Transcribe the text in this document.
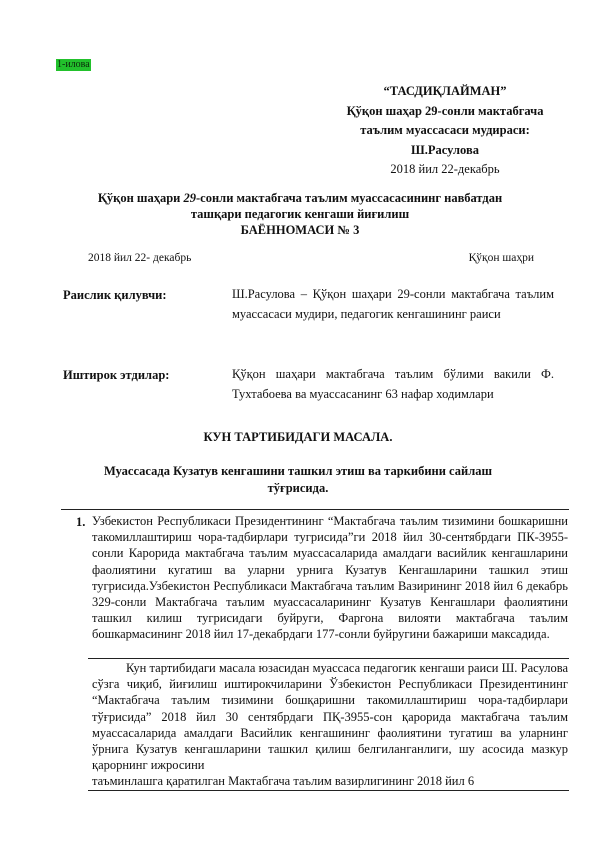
1-илова
“ТАСДИҚЛАЙМАН”
Қўқон шаҳар 29-сонли мактабгача
таълим муассасаси мудираси:
Ш.Расулова
2018 йил 22-декабрь
Қўқон шаҳари 29-сонли мактабгача таълим муассасасининг навбатдан
ташқари педагогик кенгаши йиғилиш
БАЁННОМАСИ № 3
2018 йил 22- декабрь	Қўқон шаҳри
Раислик қилувчи:	Ш.Расулова – Қўқон шаҳари 29-сонли мактабгача таълим муассасаси мудири, педагогик кенгашининг раиси
Иштирок этдилар:	Қўқон шаҳари мактабгача таълим бўлими вакили Ф. Тухтабоева ва муассасанинг 63 нафар ходимлари
КУН ТАРТИБИДАГИ МАСАЛА.
Муассасада Кузатув кенгашини ташкил этиш ва таркибини сайлаш тўғрисида.
1. Узбекистон Республикаси Президентининг “Мактабгача таълим тизимини бошкаришни такомиллаштириш чора-тадбирлари тугрисида”ги 2018 йил 30-сентябрдаги ПК-3955-сонли Карорида мактабгача таълим муассасаларида амалдаги васийлик кенгашларини фаолиятини кугатиш ва уларни урнига Кузатув Кенгашларини ташкил этиш тугрисида.Узбекистон Республикаси Мактабгача таълим Вазирининг 2018 йил 6 декабрь 329-сонли Мактабгача таълим муассасаларининг Кузатув Кенгашлари фаолиятини ташкил килиш тугрисидаги буйруги, Фаргона вилояти мактабгача таълим бошкармасининг 2018 йил 17-декабрдаги 177-сонли буйругини бажариши максадида.
Кун тартибидаги масала юзасидан муассаса педагогик кенгаши раиси Ш. Расулова сўзга чиқиб, йиғилиш иштирокчиларини Ўзбекистон Республикаси Президентининг “Мактабгача таълим тизимини бошқаришни такомиллаштириш чора-тадбирлари тўғрисида” 2018 йил 30 сентябрдаги ПҚ-3955-сон қарорида мактабгача таълим муассасаларида амалдаги Васийлик кенгашининг фаолиятини тугатиш ва уларнинг ўрнига Кузатув кенгашларини ташкил қилиш белгиланганлиги, шу асосида мазкур қарорнинг ижросини
таъминлашга қаратилган Мактабгача таълим вазирлигининг 2018 йил 6
